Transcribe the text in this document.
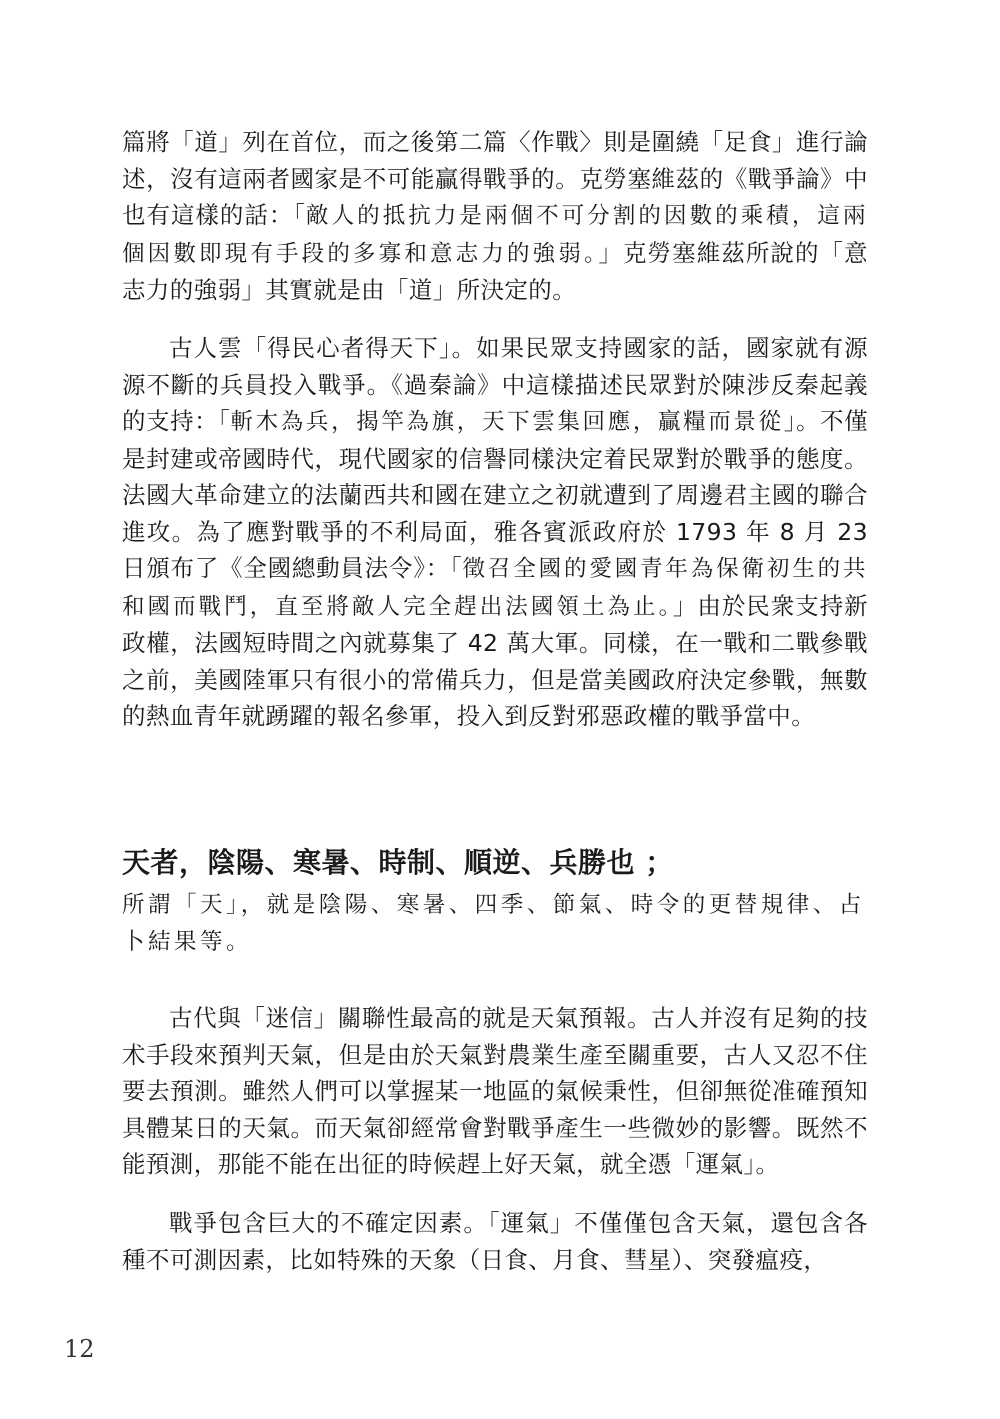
篇將「道」列在首位，而之後第二篇〈作戰〉則是圍繞「足食」進行論述，沒有這兩者國家是不可能贏得戰爭的。克勞塞維茲的《戰爭論》中也有這樣的話：「敵人的抵抗力是兩個不可分割的因數的乘積，這兩個因數即現有手段的多寡和意志力的強弱。」克勞塞維茲所說的「意志力的強弱」其實就是由「道」所決定的。

古人雲「得民心者得天下」。如果民眾支持國家的話，國家就有源源不斷的兵員投入戰爭。《過秦論》中這樣描述民眾對於陳涉反秦起義的支持：「斬木為兵，揭竿為旗，天下雲集回應，贏糧而景從」。不僅是封建或帝國時代，現代國家的信譽同樣決定着民眾對於戰爭的態度。法國大革命建立的法蘭西共和國在建立之初就遭到了周邊君主國的聯合進攻。為了應對戰爭的不利局面，雅各賓派政府於 1793 年 8 月 23 日頒布了《全國總動員法令》：「徵召全國的愛國青年為保衛初生的共和國而戰鬥，直至將敵人完全趕出法國領土為止。」由於民衆支持新政權，法國短時間之內就募集了 42 萬大軍。同樣，在一戰和二戰參戰之前，美國陸軍只有很小的常備兵力，但是當美國政府決定參戰，無數的熱血青年就踴躍的報名參軍，投入到反對邪惡政權的戰爭當中。

天者，陰陽、寒暑、時制、順逆、兵勝也 ；

所謂「天」，就是陰陽、寒暑、四季、節氣、時令的更替規律、占卜結果等。

古代與「迷信」關聯性最高的就是天氣預報。古人并沒有足夠的技术手段來預判天氣，但是由於天氣對農業生產至關重要，古人又忍不住要去預測。雖然人們可以掌握某一地區的氣候秉性，但卻無從准確預知具體某日的天氣。而天氣卻經常會對戰爭產生一些微妙的影響。既然不能預測，那能不能在出征的時候趕上好天氣，就全憑「運氣」。

戰爭包含巨大的不確定因素。「運氣」不僅僅包含天氣，還包含各種不可測因素，比如特殊的天象（日食、月食、彗星）、突發瘟疫，

12
